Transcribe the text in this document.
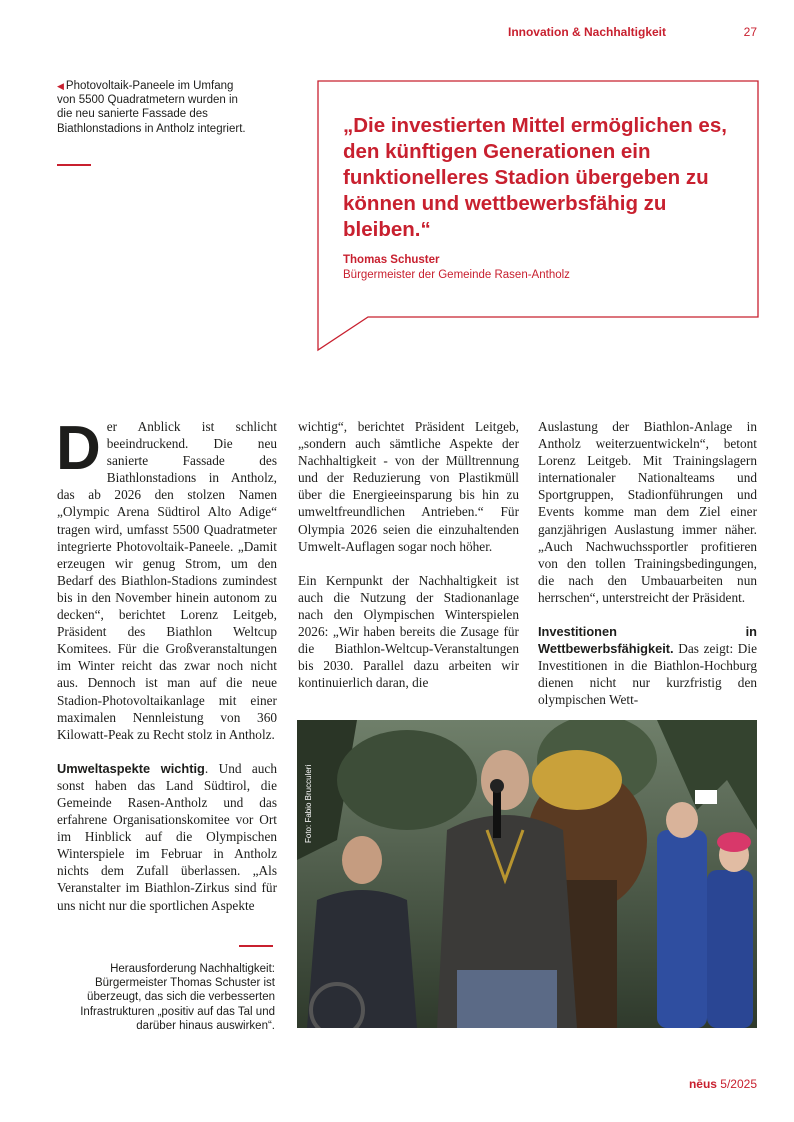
Innovation & Nachhaltigkeit	27
◀ Photovoltaik-Paneele im Umfang von 5500 Quadratmetern wurden in die neu sanierte Fassade des Biathlonstadions in Antholz integriert.	„Die investierten Mittel ermöglichen es, den künftigen Generationen ein funktionelleres Stadion übergeben zu können und wettbewerbsfähig zu bleiben.“
Thomas Schuster
Bürgermeister der Gemeinde Rasen-Antholz

Der Anblick ist schlicht beeindruckend. Die neu sanierte Fassade des Biathlonstadions in Antholz, das ab 2026 den stolzen Namen „Olympic Arena Südtirol Alto Adige“ tragen wird, umfasst 5500 Quadratmeter integrierte Photovoltaik-Paneele. „Damit erzeugen wir genug Strom, um den Bedarf des Biathlon-Stadions zumindest bis in den November hinein autonom zu decken“, berichtet Lorenz Leitgeb, Präsident des Biathlon Weltcup Komitees. Für die Großveranstaltungen im Winter reicht das zwar noch nicht aus. Dennoch ist man auf die neue Stadion-Photovoltaikanlage mit einer maximalen Nennleistung von 360 Kilowatt-Peak zu Recht stolz in Antholz.

Umweltaspekte wichtig. Und auch sonst haben das Land Südtirol, die Gemeinde Rasen-Antholz und das erfahrene Organisationskomitee vor Ort im Hinblick auf die Olympischen Winterspiele im Februar in Antholz nichts dem Zufall überlassen. „Als Veranstalter im Biathlon-Zirkus sind für uns nicht nur die sportlichen Aspekte

wichtig“, berichtet Präsident Leitgeb, „sondern auch sämtliche Aspekte der Nachhaltigkeit - von der Mülltrennung und der Reduzierung von Plastikmüll über die Energieeinsparung bis hin zu umweltfreundlichen Antrieben.“ Für Olympia 2026 seien die einzuhaltenden Umwelt-Auflagen sogar noch höher.

Ein Kernpunkt der Nachhaltigkeit ist auch die Nutzung der Stadionanlage nach den Olympischen Winterspielen 2026: „Wir haben bereits die Zusage für die Biathlon-Weltcup-Veranstaltungen bis 2030. Parallel dazu arbeiten wir kontinuierlich daran, die

Auslastung der Biathlon-Anlage in Antholz weiterzuentwickeln“, betont Lorenz Leitgeb. Mit Trainingslagern internationaler Nationalteams und Sportgruppen, Stadionführungen und Events komme man dem Ziel einer ganzjährigen Auslastung immer näher. „Auch Nachwuchssportler profitieren von den tollen Trainingsbedingungen, die nach den Umbauarbeiten nun herrschen“, unterstreicht der Präsident.

Investitionen in Wettbewerbsfähigkeit. Das zeigt: Die Investitionen in die Biathlon-Hochburg dienen nicht nur kurzfristig den olympischen Wett-

Herausforderung Nachhaltigkeit: Bürgermeister Thomas Schuster ist überzeugt, das sich die verbesserten Infrastrukturen „positiv auf das Tal und darüber hinaus auswirken“.
Foto: Fabio Brucculeri
nēus 5/2025
